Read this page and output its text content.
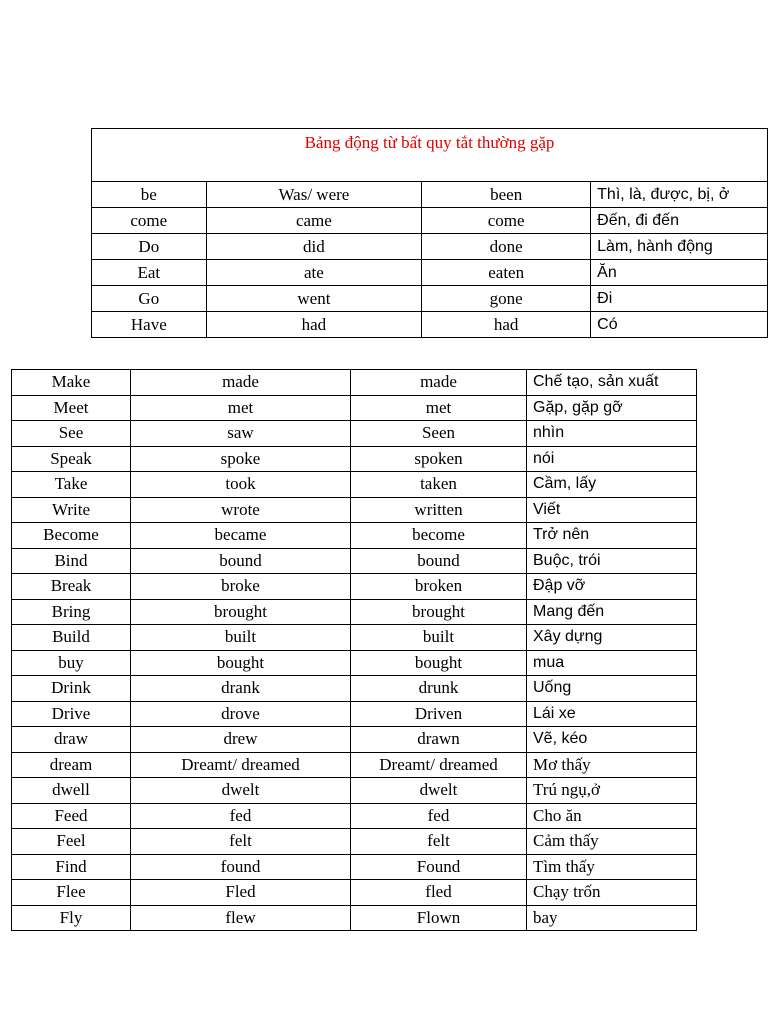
Bảng động từ bất quy tắt thường gặp			
be	Was/ were	been	Thì, là, được, bị, ở
come	came	come	Đến, đi đến
Do	did	done	Làm, hành động
Eat	ate	eaten	Ăn
Go	went	gone	Đi
Have	had	had	Có
Make	made	made	Chế tạo, sản xuất
Meet	met	met	Gặp, gặp gỡ
See	saw	Seen	nhìn
Speak	spoke	spoken	nói
Take	took	taken	Cầm, lấy
Write	wrote	written	Viết
Become	became	become	Trở nên
Bind	bound	bound	Buộc, trói
Break	broke	broken	Đập vỡ
Bring	brought	brought	Mang đến
Build	built	built	Xây dựng
buy	bought	bought	mua
Drink	drank	drunk	Uống
Drive	drove	Driven	Lái xe
draw	drew	drawn	Vẽ, kéo
dream	Dreamt/ dreamed	Dreamt/ dreamed	Mơ thấy
dwell	dwelt	dwelt	Trú ngụ,ở
Feed	fed	fed	Cho ăn
Feel	felt	felt	Cảm thấy
Find	found	Found	Tìm thấy
Flee	Fled	fled	Chạy trốn
Fly	flew	Flown	bay
